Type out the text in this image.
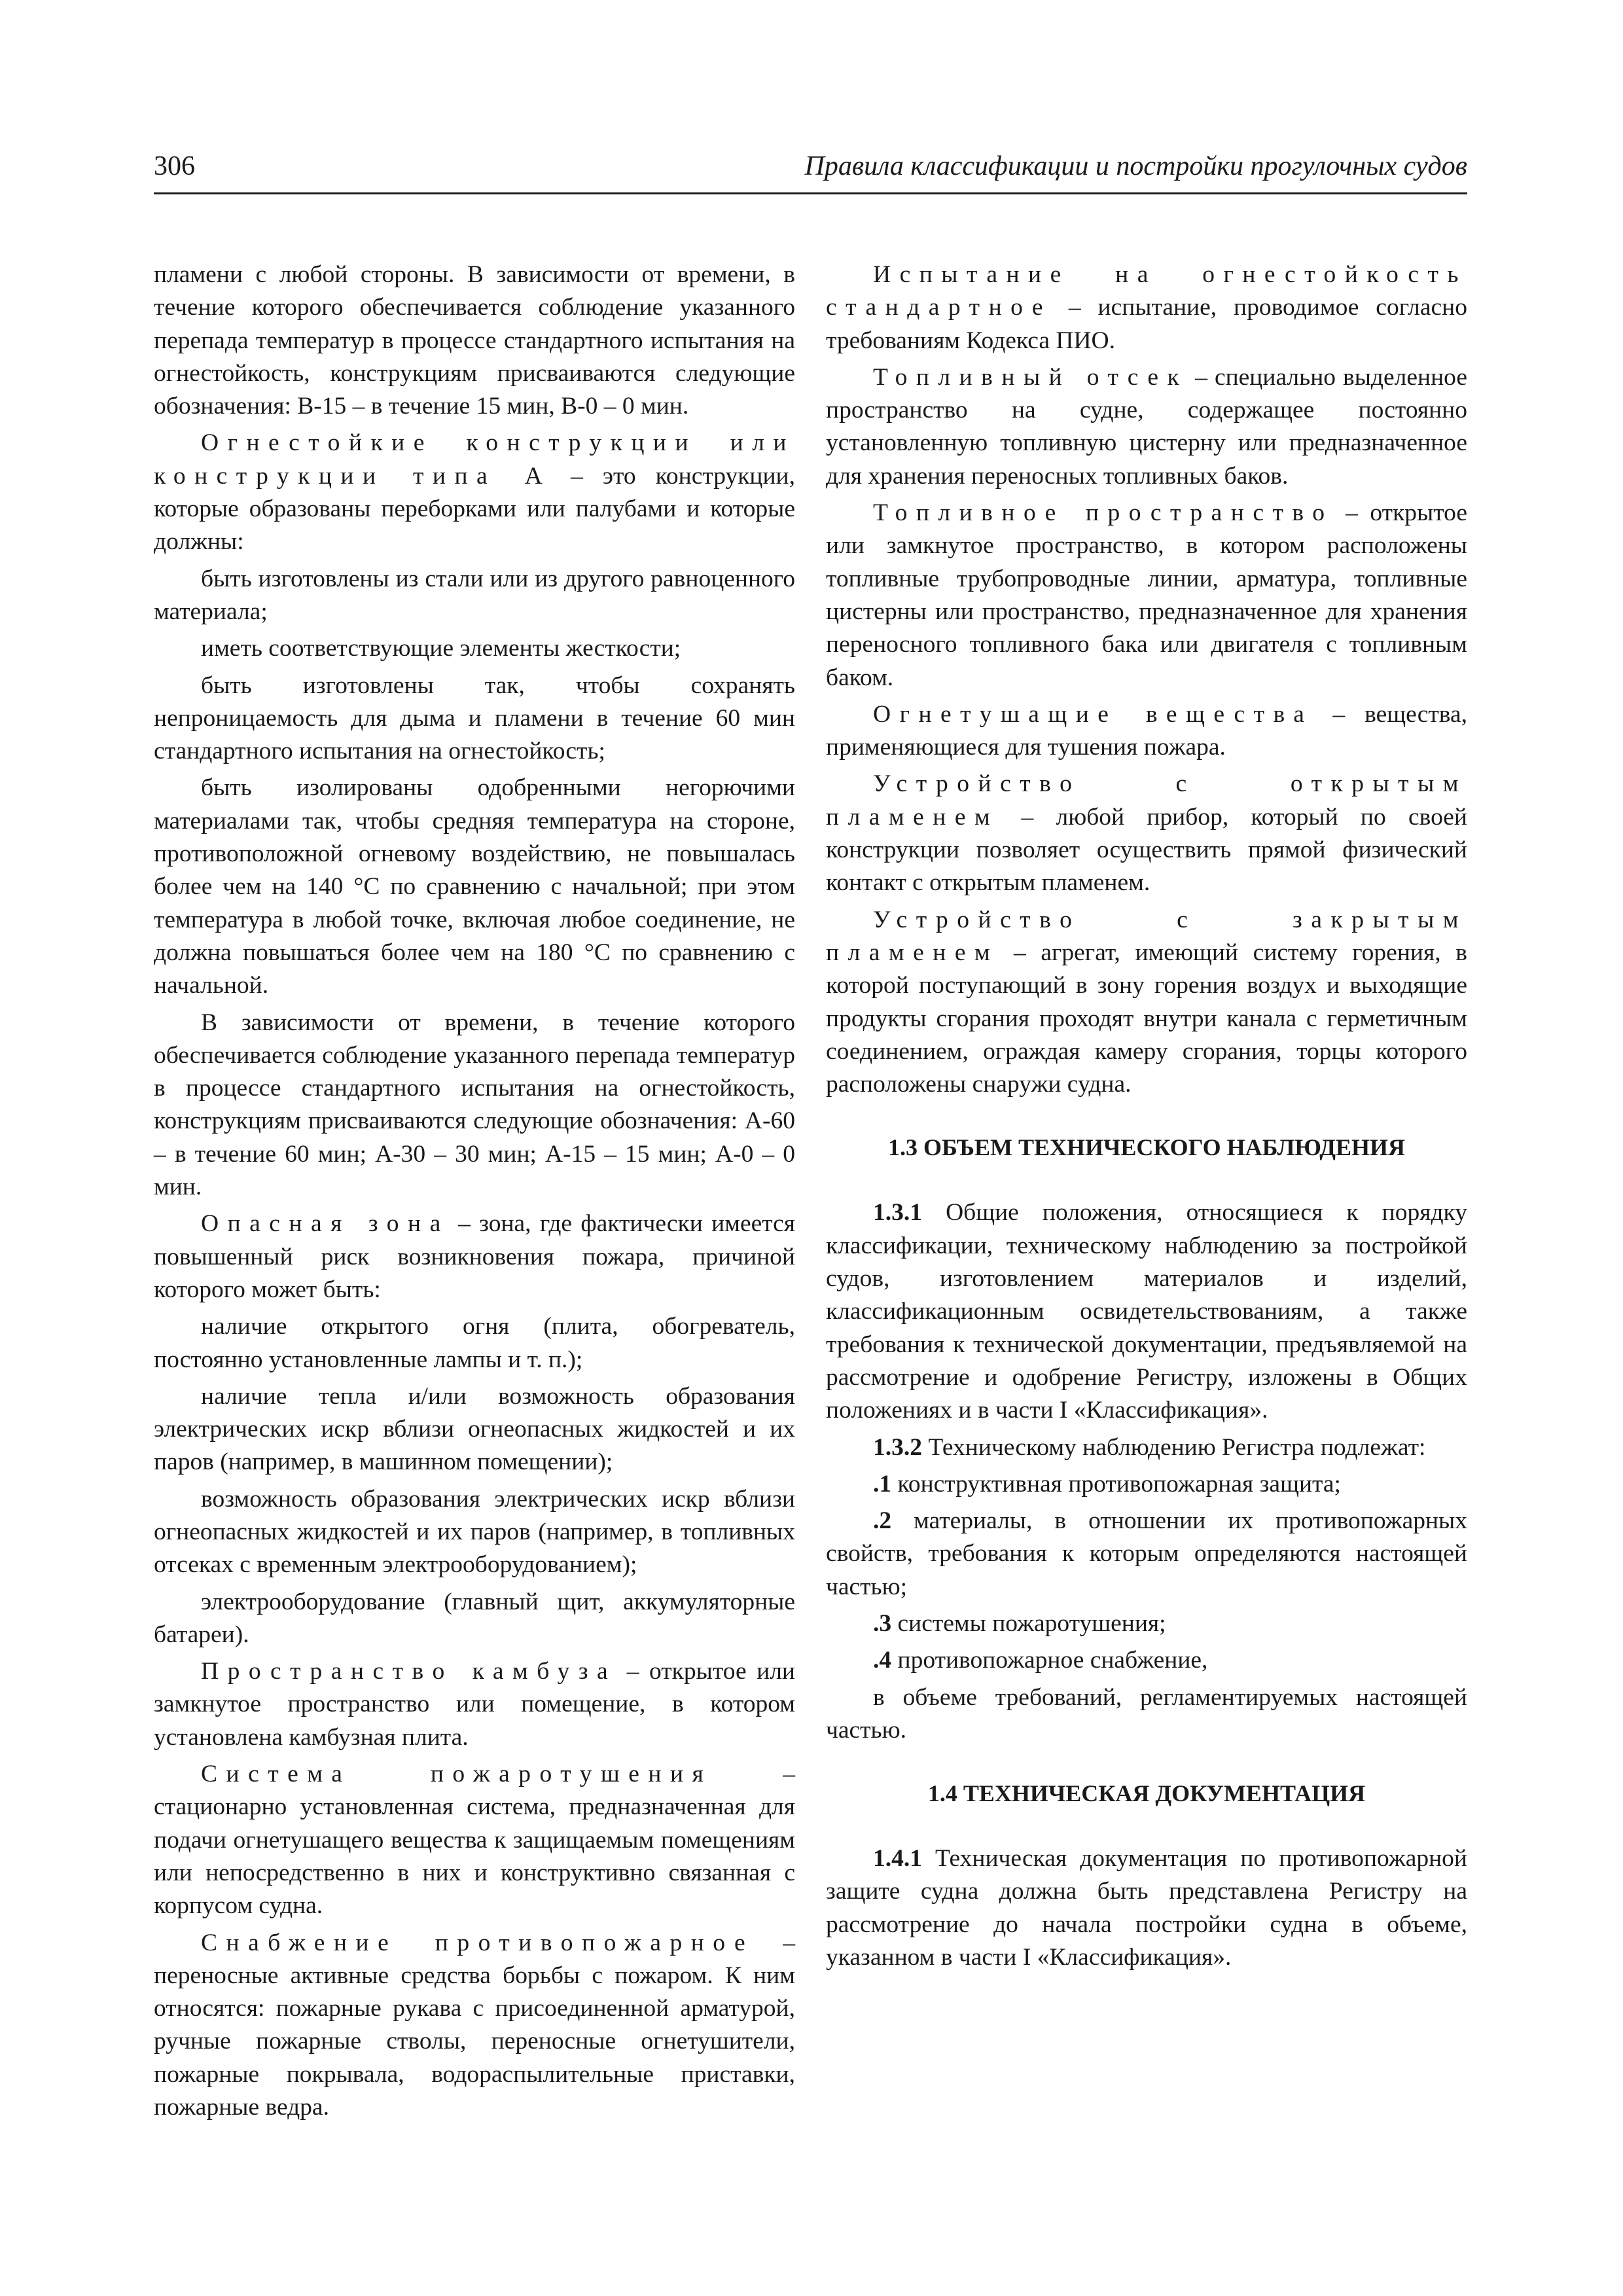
306	Правила классификации и постройки прогулочных судов

пламени с любой стороны. В зависимости от времени, в течение которого обеспечивается соблюдение указанного перепада температур в процессе стандартного испытания на огнестойкость, конструкциям присваиваются следующие обозначения: B-15 – в течение 15 мин, B-0 – 0 мин.

Огнестойкие конструкции или конструкции типа А – это конструкции, которые образованы переборками или палубами и которые должны:

быть изготовлены из стали или из другого равноценного материала;

иметь соответствующие элементы жесткости;

быть изготовлены так, чтобы сохранять непроницаемость для дыма и пламени в течение 60 мин стандартного испытания на огнестойкость;

быть изолированы одобренными негорючими материалами так, чтобы средняя температура на стороне, противоположной огневому воздействию, не повышалась более чем на 140 °С по сравнению с начальной; при этом температура в любой точке, включая любое соединение, не должна повышаться более чем на 180 °С по сравнению с начальной.

В зависимости от времени, в течение которого обеспечивается соблюдение указанного перепада температур в процессе стандартного испытания на огнестойкость, конструкциям присваиваются следующие обозначения: А-60 – в течение 60 мин; А-30 – 30 мин; А-15 – 15 мин; А-0 – 0 мин.

Опасная зона – зона, где фактически имеется повышенный риск возникновения пожара, причиной которого может быть:

наличие открытого огня (плита, обогреватель, постоянно установленные лампы и т. п.);

наличие тепла и/или возможность образования электрических искр вблизи огнеопасных жидкостей и их паров (например, в машинном помещении);

возможность образования электрических искр вблизи огнеопасных жидкостей и их паров (например, в топливных отсеках с временным электрооборудованием);

электрооборудование (главный щит, аккумуляторные батареи).

Пространство камбуза – открытое или замкнутое пространство или помещение, в котором установлена камбузная плита.

Система пожаротушения – стационарно установленная система, предназначенная для подачи огнетушащего вещества к защищаемым помещениям или непосредственно в них и конструктивно связанная с корпусом судна.

Снабжение противопожарное – переносные активные средства борьбы с пожаром. К ним относятся: пожарные рукава с присоединенной арматурой, ручные пожарные стволы, переносные огнетушители, пожарные покрывала, водораспылительные приставки, пожарные ведра.

Испытание на огнестойкость стандартное – испытание, проводимое согласно требованиям Кодекса ПИО.

Топливный отсек – специально выделенное пространство на судне, содержащее постоянно установленную топливную цистерну или предназначенное для хранения переносных топливных баков.

Топливное пространство – открытое или замкнутое пространство, в котором расположены топливные трубопроводные линии, арматура, топливные цистерны или пространство, предназначенное для хранения переносного топливного бака или двигателя с топливным баком.

Огнетушащие вещества – вещества, применяющиеся для тушения пожара.

Устройство с открытым пламенем – любой прибор, который по своей конструкции позволяет осуществить прямой физический контакт с открытым пламенем.

Устройство с закрытым пламенем – агрегат, имеющий систему горения, в которой поступающий в зону горения воздух и выходящие продукты сгорания проходят внутри канала с герметичным соединением, ограждая камеру сгорания, торцы которого расположены снаружи судна.

1.3 ОБЪЕМ ТЕХНИЧЕСКОГО НАБЛЮДЕНИЯ

1.3.1 Общие положения, относящиеся к порядку классификации, техническому наблюдению за постройкой судов, изготовлением материалов и изделий, классификационным освидетельствованиям, а также требования к технической документации, предъявляемой на рассмотрение и одобрение Регистру, изложены в Общих положениях и в части I «Классификация».

1.3.2 Техническому наблюдению Регистра подлежат:

.1 конструктивная противопожарная защита;

.2 материалы, в отношении их противопожарных свойств, требования к которым определяются настоящей частью;

.3 системы пожаротушения;

.4 противопожарное снабжение,

в объеме требований, регламентируемых настоящей частью.

1.4 ТЕХНИЧЕСКАЯ ДОКУМЕНТАЦИЯ

1.4.1 Техническая документация по противопожарной защите судна должна быть представлена Регистру на рассмотрение до начала постройки судна в объеме, указанном в части I «Классификация».
